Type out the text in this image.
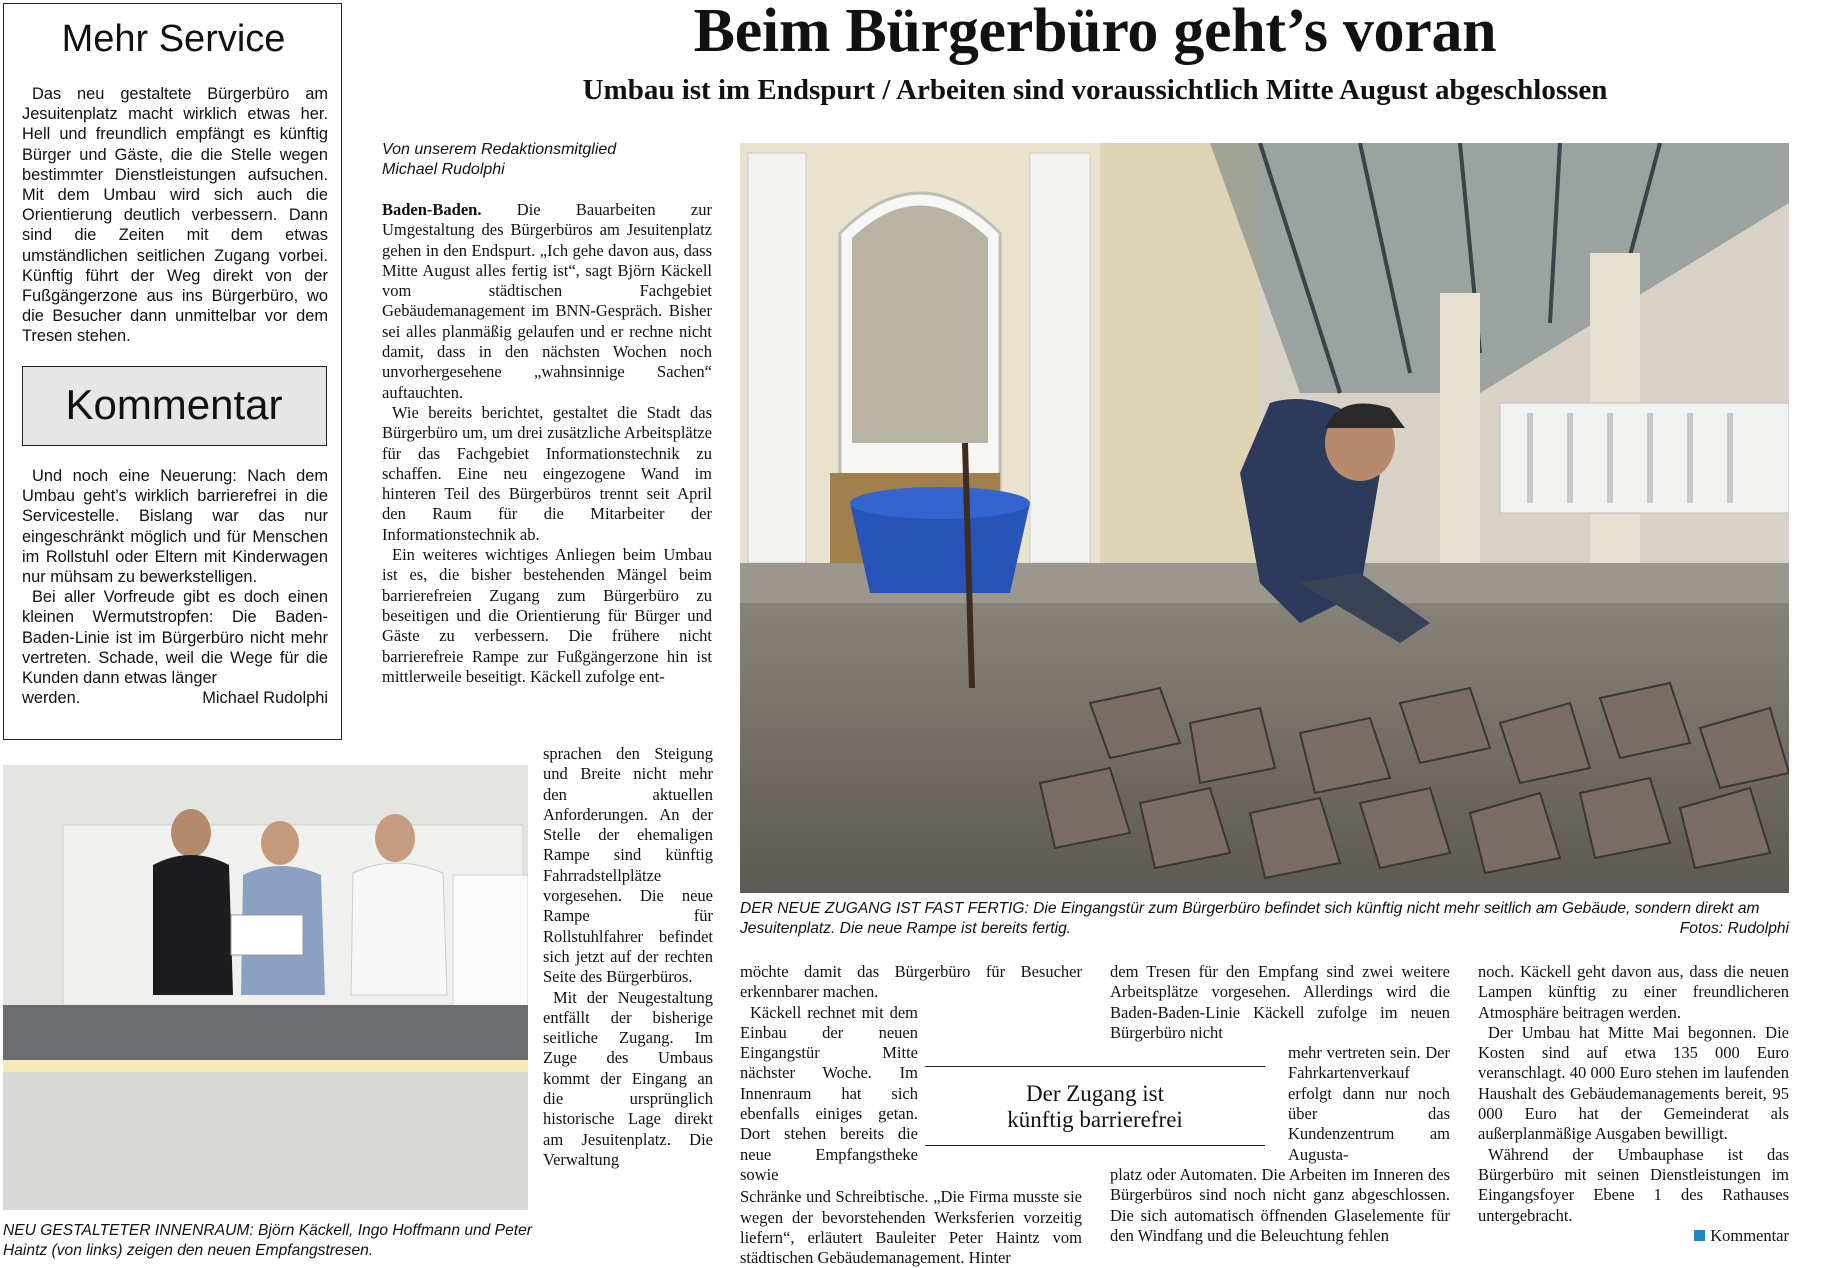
Beim Bürgerbüro geht’s voran
Umbau ist im Endspurt / Arbeiten sind voraussichtlich Mitte August abgeschlossen
Mehr Service

Das neu gestaltete Bürgerbüro am Jesuitenplatz macht wirklich etwas her. Hell und freundlich empfängt es künftig Bürger und Gäste, die die Stelle wegen bestimmter Dienstleistungen aufsuchen. Mit dem Umbau wird sich auch die Orientierung deutlich verbessern. Dann sind die Zeiten mit dem etwas umständlichen seitlichen Zugang vorbei. Künftig führt der Weg direkt von der Fußgängerzone aus ins Bürgerbüro, wo die Besucher dann unmittelbar vor dem Tresen stehen.

Kommentar

Und noch eine Neuerung: Nach dem Umbau geht’s wirklich barrierefrei in die Servicestelle. Bislang war das nur eingeschränkt möglich und für Menschen im Rollstuhl oder Eltern mit Kinderwagen nur mühsam zu bewerkstelligen.

Bei aller Vorfreude gibt es doch einen kleinen Wermutstropfen: Die Baden-Baden-Linie ist im Bürgerbüro nicht mehr vertreten. Schade, weil die Wege für die Kunden dann etwas länger

werden.	Michael Rudolphi
Von unserem Redaktionsmitglied
Michael Rudolphi

Baden-Baden. Die Bauarbeiten zur Umgestaltung des Bürgerbüros am Jesuitenplatz gehen in den Endspurt. „Ich gehe davon aus, dass Mitte August alles fertig ist“, sagt Björn Käckell vom städtischen Fachgebiet Gebäudemanagement im BNN-Gespräch. Bisher sei alles planmäßig gelaufen und er rechne nicht damit, dass in den nächsten Wochen noch unvorhergesehene „wahnsinnige Sachen“ auftauchten.

Wie bereits berichtet, gestaltet die Stadt das Bürgerbüro um, um drei zusätzliche Arbeitsplätze für das Fachgebiet Informationstechnik zu schaffen. Eine neu eingezogene Wand im hinteren Teil des Bürgerbüros trennt seit April den Raum für die Mitarbeiter der Informationstechnik ab.

Ein weiteres wichtiges Anliegen beim Umbau ist es, die bisher bestehenden Mängel beim barrierefreien Zugang zum Bürgerbüro zu beseitigen und die Orientierung für Bürger und Gäste zu verbessern. Die frühere nicht barrierefreie Rampe zur Fußgängerzone hin ist mittlerweile beseitigt. Käckell zufolge ent-

sprachen den Steigung und Breite nicht mehr den aktuellen Anforderungen. An der Stelle der ehemaligen Rampe sind künftig Fahrradstellplätze vorgesehen. Die neue Rampe für Rollstuhlfahrer befindet sich jetzt auf der rechten Seite des Bürgerbüros.

Mit der Neugestaltung entfällt der bisherige seitliche Zugang. Im Zuge des Umbaus kommt der Eingang an die ursprünglich historische Lage direkt am Jesuitenplatz. Die Verwaltung

DER NEUE ZUGANG IST FAST FERTIG: Die Eingangstür zum Bürgerbüro befindet sich künftig nicht mehr seitlich am Gebäude, sondern direkt am Jesuitenplatz. Die neue Rampe ist bereits fertig.	Fotos: Rudolphi
NEU GESTALTETER INNENRAUM: Björn Käckell, Ingo Hoffmann und Peter Haintz (von links) zeigen den neuen Empfangstresen.

möchte damit das Bürgerbüro für Besucher erkennbarer machen.

Käckell rechnet mit dem Einbau der neuen Eingangstür Mitte nächster Woche. Im Innenraum hat sich ebenfalls einiges getan. Dort stehen bereits die neue Empfangstheke sowie

Schränke und Schreibtische. „Die Firma musste sie wegen der bevorstehenden Werksferien vorzeitig liefern“, erläutert Bauleiter Peter Haintz vom städtischen Gebäudemanagement. Hinter

dem Tresen für den Empfang sind zwei weitere Arbeitsplätze vorgesehen. Allerdings wird die Baden-Baden-Linie Käckell zufolge im neuen Bürgerbüro nicht

mehr vertreten sein. Der Fahrkartenverkauf erfolgt dann nur noch über das Kundenzentrum am Augusta-

platz oder Automaten. Die Arbeiten im Inneren des Bürgerbüros sind noch nicht ganz abgeschlossen. Die sich automatisch öffnenden Glaselemente für den Windfang und die Beleuchtung fehlen

Der Zugang ist
künftig barrierefrei

noch. Käckell geht davon aus, dass die neuen Lampen künftig zu einer freundlicheren Atmosphäre beitragen werden.

Der Umbau hat Mitte Mai begonnen. Die Kosten sind auf etwa 135 000 Euro veranschlagt. 40 000 Euro stehen im laufenden Haushalt des Gebäudemanagements bereit, 95 000 Euro hat der Gemeinderat als außerplanmäßige Ausgaben bewilligt.

Während der Umbauphase ist das Bürgerbüro mit seinen Dienstleistungen im Eingangsfoyer Ebene 1 des Rathauses untergebracht.

Kommentar
